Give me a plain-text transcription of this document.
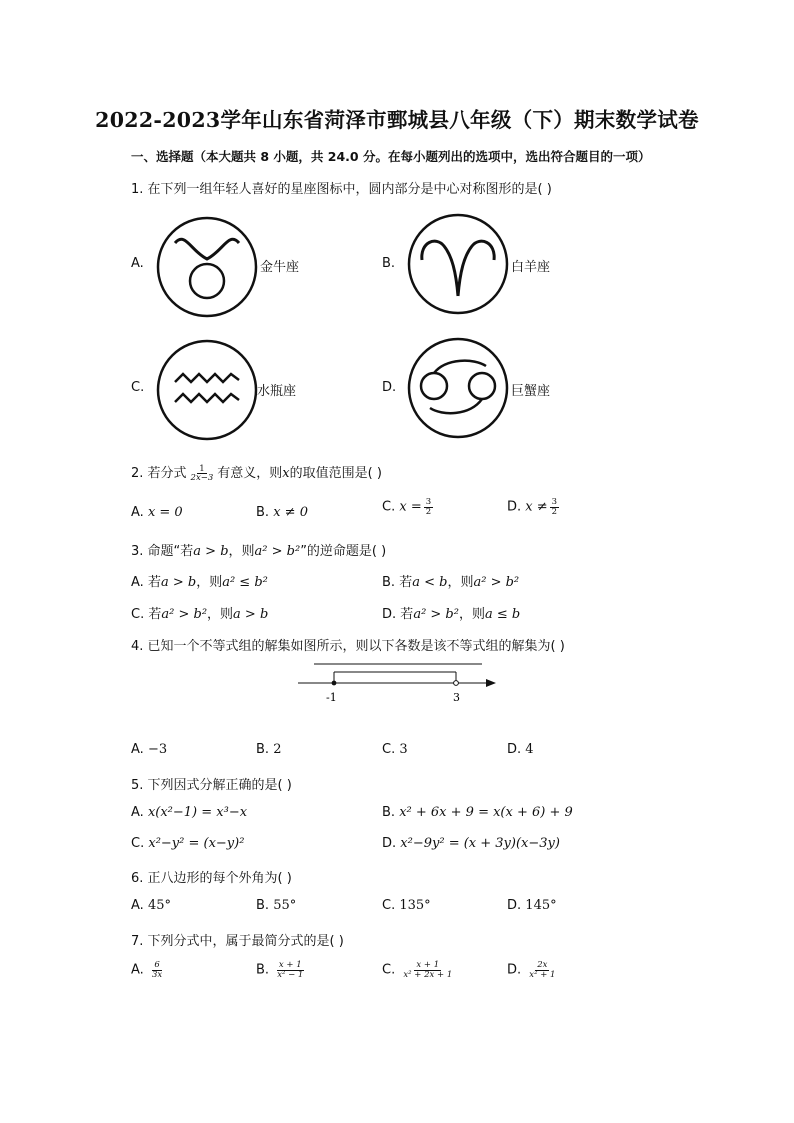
2022-2023学年山东省菏泽市鄄城县八年级（下）期末数学试卷
一、选择题（本大题共 8 小题，共 24.0 分。在每小题列出的选项中，选出符合题目的一项）
1. 在下列一组年轻人喜好的星座图标中，圆内部分是中心对称图形的是( )
A.	金牛座	B.	白羊座
C.	水瓶座	D.	巨蟹座
2. 若分式 $\frac{1}{2x-3}$ 有意义，则x的取值范围是( )
A. x = 0	B. x ≠ 0	C. $x = \frac{3}{2}$	D. $x \ne \frac{3}{2}$
3. 命题“若a > b，则a² > b²”的逆命题是( )
A. 若a > b，则a² ≤ b²	B. 若a < b，则a² > b²
C. 若a² > b²，则a > b	D. 若a² > b²，则a ≤ b
4. 已知一个不等式组的解集如图所示，则以下各数是该不等式组的解集为( )
-1	3
A. −3	B. 2	C. 3	D. 4
5. 下列因式分解正确的是( )
A. x(x²−1) = x³−x	B. x² + 6x + 9 = x(x + 6) + 9
C. x²−y² = (x−y)²	D. x²−9y² = (x + 3y)(x−3y)
6. 正八边形的每个外角为( )
A. 45°	B. 55°	C. 135°	D. 145°
7. 下列分式中，属于最简分式的是( )
A. $\frac{6}{3x}$	B. $\frac{x + 1}{\text{x² − 1}}$	C. $\frac{x + 1}{\text{x² + 2x + 1}}$	D. $\frac{2x}{\text{x² + 1}}$
